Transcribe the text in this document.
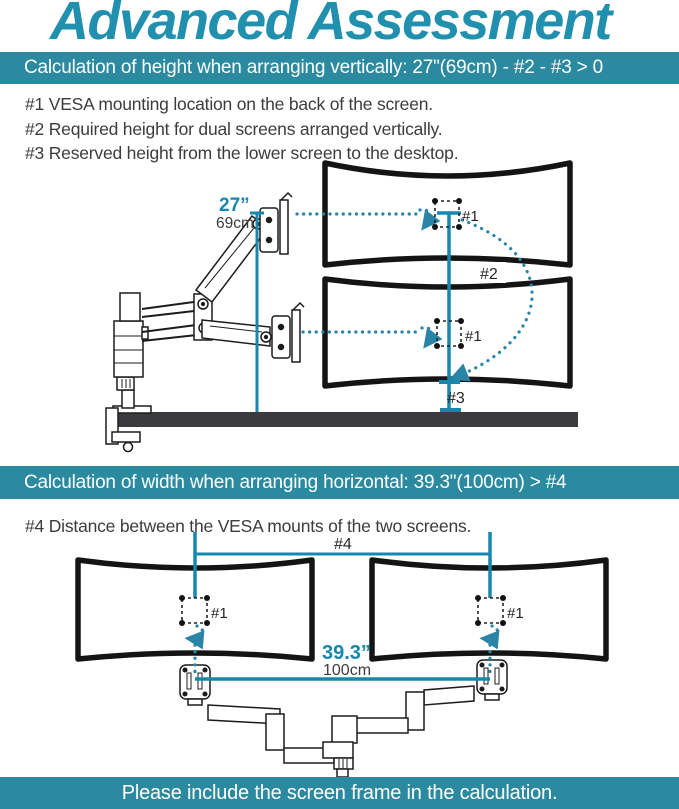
Advanced Assessment
Calculation of height when arranging vertically: 27"(69cm) - #2 - #3 > 0
#1 VESA mounting location on the back of the screen.
#2 Required height for dual screens arranged vertically.
#3 Reserved height from the lower screen to the desktop.
27”
69cm	#1
#1
#2
#3
Calculation of width when arranging horizontal: 39.3"(100cm) > #4
#4 Distance between the VESA mounts of the two screens.
#4
#1	#1
39.3”
100cm
Please include the screen frame in the calculation.
